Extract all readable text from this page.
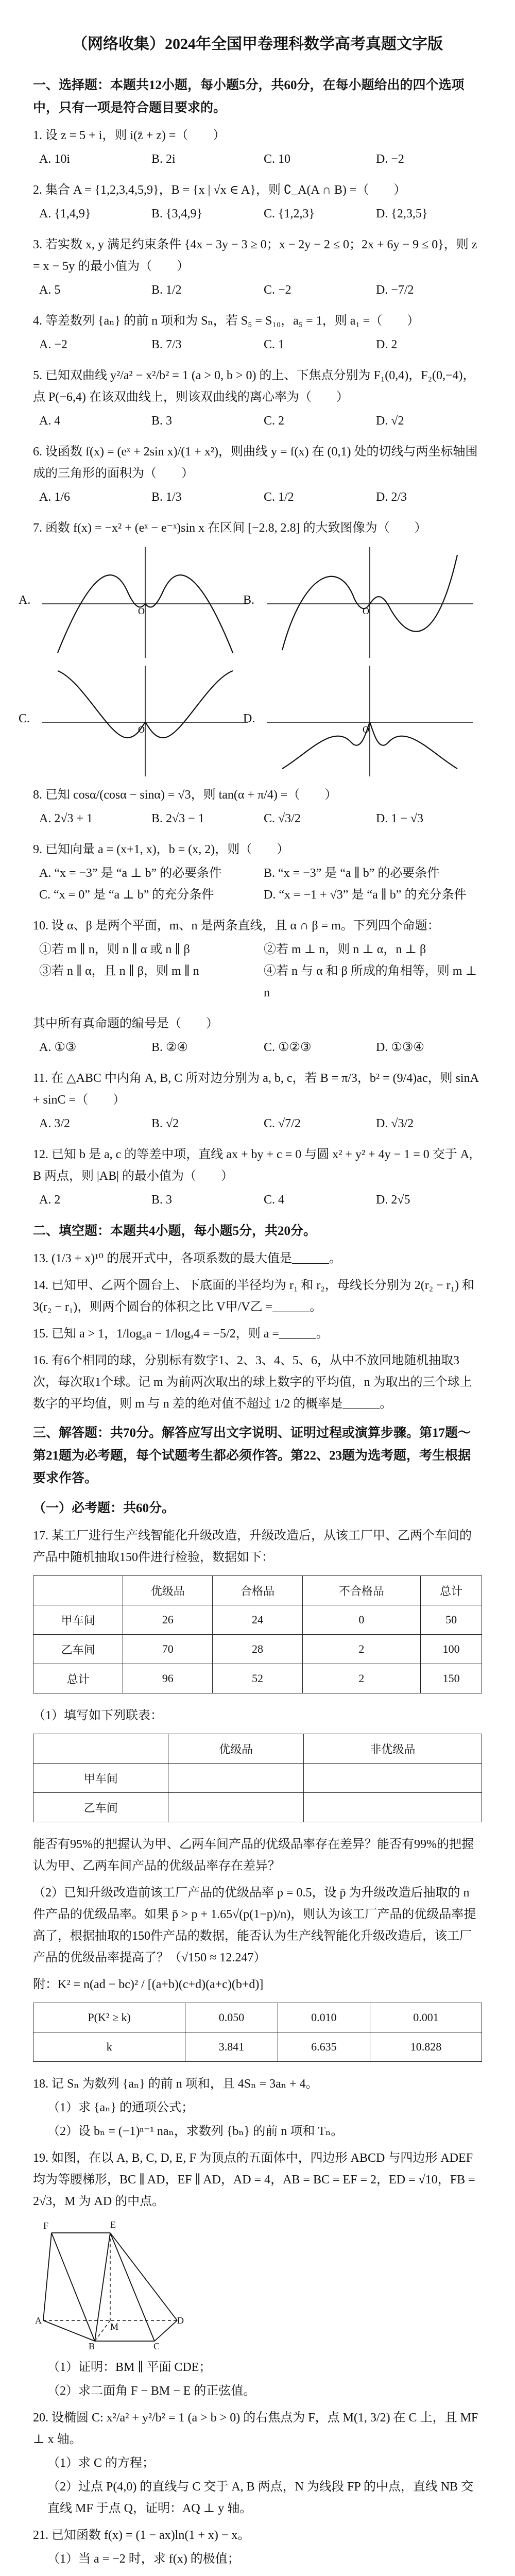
（网络收集）2024年全国甲卷理科数学高考真题文字版
一、选择题：本题共12小题，每小题5分，共60分，在每小题给出的四个选项中，只有一项是符合题目要求的。
1. 设 z = 5 + i，则 i(z̄ + z) =（　　）
A. 10i	B. 2i	C. 10	D. −2
2. 集合 A = {1,2,3,4,5,9}，B = {x | √x ∈ A}，则 ∁_A(A ∩ B) =（　　）
A. {1,4,9}	B. {3,4,9}	C. {1,2,3}	D. {2,3,5}
3. 若实数 x, y 满足约束条件 {4x − 3y − 3 ≥ 0；x − 2y − 2 ≤ 0；2x + 6y − 9 ≤ 0}，则 z = x − 5y 的最小值为（　　）
A. 5	B. 1/2	C. −2	D. −7/2
4. 等差数列 {aₙ} 的前 n 项和为 Sₙ，若 S₅ = S₁₀，a₅ = 1，则 a₁ =（　　）
A. −2	B. 7/3	C. 1	D. 2
5. 已知双曲线 y²/a² − x²/b² = 1 (a > 0, b > 0) 的上、下焦点分别为 F₁(0,4)，F₂(0,−4)，点 P(−6,4) 在该双曲线上，则该双曲线的离心率为（　　）
A. 4	B. 3	C. 2	D. √2
6. 设函数 f(x) = (eˣ + 2sin x)/(1 + x²)，则曲线 y = f(x) 在 (0,1) 处的切线与两坐标轴围成的三角形的面积为（　　）
A. 1/6	B. 1/3	C. 1/2	D. 2/3
7. 函数 f(x) = −x² + (eˣ − e⁻ˣ)sin x 在区间 [−2.8, 2.8] 的大致图像为（　　）
A.
O
B.
O
C.
O
D.
O
8. 已知 cosα/(cosα − sinα) = √3，则 tan(α + π/4) =（　　）
A. 2√3 + 1	B. 2√3 − 1	C. √3/2	D. 1 − √3
9. 已知向量 a = (x+1, x)，b = (x, 2)，则（　　）
A. “x = −3” 是 “a ⊥ b” 的必要条件	B. “x = −3” 是 “a ∥ b” 的必要条件
C. “x = 0” 是 “a ⊥ b” 的充分条件	D. “x = −1 + √3” 是 “a ∥ b” 的充分条件
10. 设 α、β 是两个平面，m、n 是两条直线，且 α ∩ β = m。下列四个命题：
①若 m ∥ n，则 n ∥ α 或 n ∥ β	②若 m ⊥ n，则 n ⊥ α，n ⊥ β
③若 n ∥ α，且 n ∥ β，则 m ∥ n	④若 n 与 α 和 β 所成的角相等，则 m ⊥ n
其中所有真命题的编号是（　　）
A. ①③	B. ②④	C. ①②③	D. ①③④
11. 在 △ABC 中内角 A, B, C 所对边分别为 a, b, c，若 B = π/3，b² = (9/4)ac，则 sinA + sinC =（　　）
A. 3/2	B. √2	C. √7/2	D. √3/2
12. 已知 b 是 a, c 的等差中项，直线 ax + by + c = 0 与圆 x² + y² + 4y − 1 = 0 交于 A, B 两点，则 |AB| 的最小值为（　　）
A. 2	B. 3	C. 4	D. 2√5
二、填空题：本题共4小题，每小题5分，共20分。
13. (1/3 + x)¹⁰ 的展开式中，各项系数的最大值是______。
14. 已知甲、乙两个圆台上、下底面的半径均为 r₁ 和 r₂，母线长分别为 2(r₂ − r₁) 和 3(r₂ − r₁)，则两个圆台的体积之比 V甲/V乙 =______。
15. 已知 a > 1，1/log₈a − 1/logₐ4 = −5/2，则 a =______。
16. 有6个相同的球，分别标有数字1、2、3、4、5、6，从中不放回地随机抽取3次，每次取1个球。记 m 为前两次取出的球上数字的平均值，n 为取出的三个球上数字的平均值，则 m 与 n 差的绝对值不超过 1/2 的概率是______。
三、解答题：共70分。解答应写出文字说明、证明过程或演算步骤。第17题～第21题为必考题，每个试题考生都必须作答。第22、23题为选考题，考生根据要求作答。
（一）必考题：共60分。
17. 某工厂进行生产线智能化升级改造，升级改造后，从该工厂甲、乙两个车间的产品中随机抽取150件进行检验，数据如下：
	优级品	合格品	不合格品	总计
甲车间	26	24	0	50
乙车间	70	28	2	100
总计	96	52	2	150
（1）填写如下列联表：
	优级品	非优级品
甲车间		
乙车间		
能否有95%的把握认为甲、乙两车间产品的优级品率存在差异？能否有99%的把握认为甲、乙两车间产品的优级品率存在差异？
（2）已知升级改造前该工厂产品的优级品率 p = 0.5，设 p̄ 为升级改造后抽取的 n 件产品的优级品率。如果 p̄ > p + 1.65√(p(1−p)/n)，则认为该工厂产品的优级品率提高了，根据抽取的150件产品的数据，能否认为生产线智能化升级改造后，该工厂产品的优级品率提高了？（√150 ≈ 12.247）
附：K² = n(ad − bc)² / [(a+b)(c+d)(a+c)(b+d)]
P(K² ≥ k)	0.050	0.010	0.001
k	3.841	6.635	10.828
18. 记 Sₙ 为数列 {aₙ} 的前 n 项和，且 4Sₙ = 3aₙ + 4。
（1）求 {aₙ} 的通项公式；
（2）设 bₙ = (−1)ⁿ⁻¹ naₙ，求数列 {bₙ} 的前 n 项和 Tₙ。
19. 如图，在以 A, B, C, D, E, F 为顶点的五面体中，四边形 ABCD 与四边形 ADEF 均为等腰梯形，BC ∥ AD，EF ∥ AD，AD = 4，AB = BC = EF = 2，ED = √10，FB = 2√3，M 为 AD 的中点。
E
F
A
B	C
D
M
（1）证明：BM ∥ 平面 CDE；
（2）求二面角 F − BM − E 的正弦值。
20. 设椭圆 C: x²/a² + y²/b² = 1 (a > b > 0) 的右焦点为 F，点 M(1, 3/2) 在 C 上，且 MF ⊥ x 轴。
（1）求 C 的方程；
（2）过点 P(4,0) 的直线与 C 交于 A, B 两点，N 为线段 FP 的中点，直线 NB 交直线 MF 于点 Q，证明：AQ ⊥ y 轴。
21. 已知函数 f(x) = (1 − ax)ln(1 + x) − x。
（1）当 a = −2 时，求 f(x) 的极值；
